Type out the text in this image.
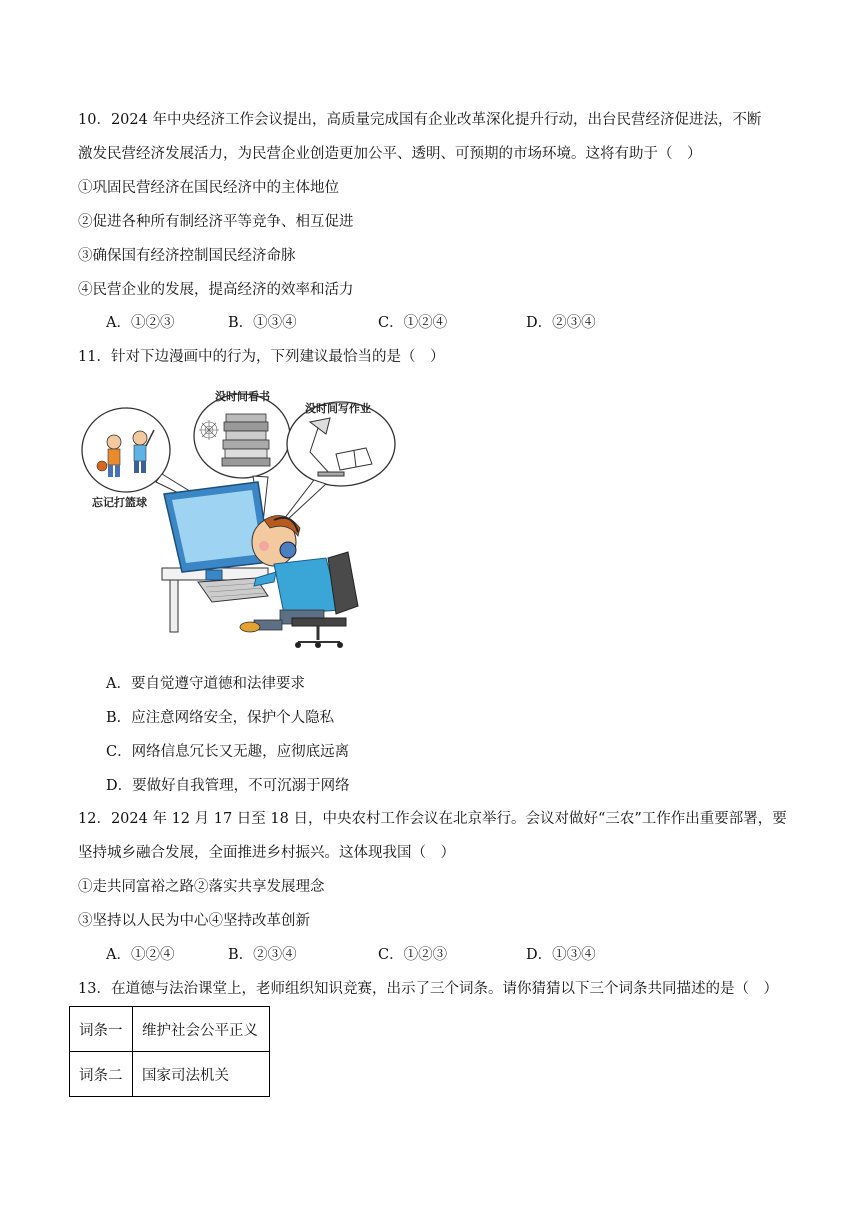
10．2024 年中央经济工作会议提出，高质量完成国有企业改革深化提升行动，出台民营经济促进法，不断
激发民营经济发展活力，为民营企业创造更加公平、透明、可预期的市场环境。这将有助于（　）
①巩固民营经济在国民经济中的主体地位
②促进各种所有制经济平等竞争、相互促进
③确保国有经济控制国民经济命脉
④民营企业的发展，提高经济的效率和活力
A．①②③	B．①③④	C．①②④	D．②③④
11．针对下边漫画中的行为，下列建议最恰当的是（　）
没时间看书
没时间写作业
忘记打篮球
A．要自觉遵守道德和法律要求
B．应注意网络安全，保护个人隐私
C．网络信息冗长又无趣，应彻底远离
D．要做好自我管理，不可沉溺于网络
12．2024 年 12 月 17 日至 18 日，中央农村工作会议在北京举行。会议对做好“三农”工作作出重要部署，要
坚持城乡融合发展，全面推进乡村振兴。这体现我国（　）
①走共同富裕之路②落实共享发展理念
③坚持以人民为中心④坚持改革创新
A．①②④	B．②③④	C．①②③	D．①③④
13．在道德与法治课堂上，老师组织知识竞赛，出示了三个词条。请你猜猜以下三个词条共同描述的是（　）
词条一	维护社会公平正义
词条二	国家司法机关
